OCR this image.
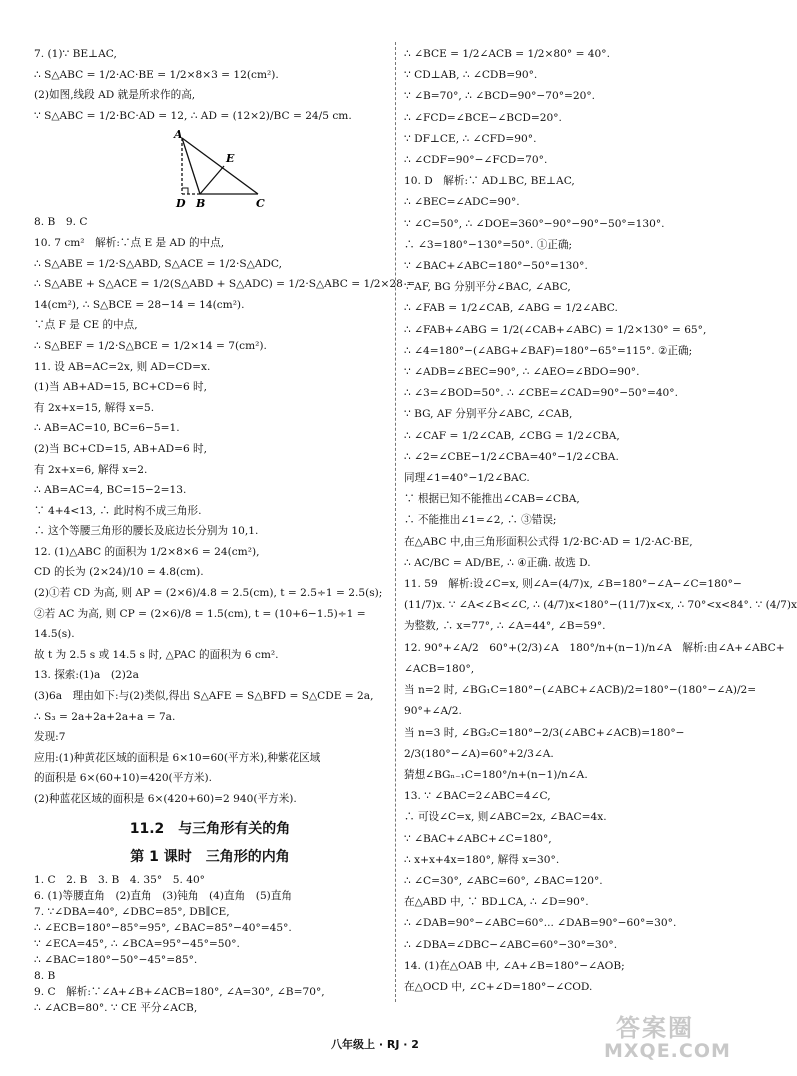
7. (1)∵ BE⊥AC,
∴ S△ABC = 1/2·AC·BE = 1/2×8×3 = 12(cm²).
(2)如图,线段 AD 就是所求作的高,
∵ S△ABC = 1/2·BC·AD = 12, ∴ AD = (12×2)/BC = 24/5 cm.
A
B	C
D
E
8. B　9. C
10. 7 cm²　解析:∵点 E 是 AD 的中点,
∴ S△ABE = 1/2·S△ABD, S△ACE = 1/2·S△ADC,
∴ S△ABE + S△ACE = 1/2(S△ABD + S△ADC) = 1/2·S△ABC = 1/2×28 =
14(cm²), ∴ S△BCE = 28−14 = 14(cm²).
∵点 F 是 CE 的中点,
∴ S△BEF = 1/2·S△BCE = 1/2×14 = 7(cm²).
11. 设 AB=AC=2x, 则 AD=CD=x.
(1)当 AB+AD=15, BC+CD=6 时,
有 2x+x=15, 解得 x=5.
∴ AB=AC=10, BC=6−5=1.
(2)当 BC+CD=15, AB+AD=6 时,
有 2x+x=6, 解得 x=2.
∴ AB=AC=4, BC=15−2=13.
∵ 4+4<13, ∴ 此时构不成三角形.
∴ 这个等腰三角形的腰长及底边长分别为 10,1.
12. (1)△ABC 的面积为 1/2×8×6 = 24(cm²),
CD 的长为 (2×24)/10 = 4.8(cm).
(2)①若 CD 为高, 则 AP = (2×6)/4.8 = 2.5(cm), t = 2.5÷1 = 2.5(s);
②若 AC 为高, 则 CP = (2×6)/8 = 1.5(cm), t = (10+6−1.5)÷1 =
14.5(s).
故 t 为 2.5 s 或 14.5 s 时, △PAC 的面积为 6 cm².
13. 探索:(1)a　(2)2a
(3)6a　理由如下:与(2)类似,得出 S△AFE = S△BFD = S△CDE = 2a,
∴ S₃ = 2a+2a+2a+a = 7a.
发现:7
应用:(1)种黄花区域的面积是 6×10=60(平方米),种紫花区域
的面积是 6×(60+10)=420(平方米).
(2)种蓝花区域的面积是 6×(420+60)=2 940(平方米).
11.2　与三角形有关的角
第 1 课时　三角形的内角
1. C　2. B　3. B　4. 35°　5. 40°
6. (1)等腰直角　(2)直角　(3)钝角　(4)直角　(5)直角
7. ∵∠DBA=40°, ∠DBC=85°, DB∥CE,
∴ ∠ECB=180°−85°=95°, ∠BAC=85°−40°=45°.
∵ ∠ECA=45°, ∴ ∠BCA=95°−45°=50°.
∴ ∠BAC=180°−50°−45°=85°.
8. B
9. C　解析:∵∠A+∠B+∠ACB=180°, ∠A=30°, ∠B=70°,
∴ ∠ACB=80°. ∵ CE 平分∠ACB,
∴ ∠BCE = 1/2∠ACB = 1/2×80° = 40°.
∵ CD⊥AB, ∴ ∠CDB=90°.
∵ ∠B=70°, ∴ ∠BCD=90°−70°=20°.
∴ ∠FCD=∠BCE−∠BCD=20°.
∵ DF⊥CE, ∴ ∠CFD=90°.
∴ ∠CDF=90°−∠FCD=70°.
10. D　解析:∵ AD⊥BC, BE⊥AC,
∴ ∠BEC=∠ADC=90°.
∵ ∠C=50°, ∴ ∠DOE=360°−90°−90°−50°=130°.
∴ ∠3=180°−130°=50°. ①正确;
∵ ∠BAC+∠ABC=180°−50°=130°.
∵ AF, BG 分别平分∠BAC, ∠ABC,
∴ ∠FAB = 1/2∠CAB, ∠ABG = 1/2∠ABC.
∴ ∠FAB+∠ABG = 1/2(∠CAB+∠ABC) = 1/2×130° = 65°,
∴ ∠4=180°−(∠ABG+∠BAF)=180°−65°=115°. ②正确;
∵ ∠ADB=∠BEC=90°, ∴ ∠AEO=∠BDO=90°.
∴ ∠3=∠BOD=50°. ∴ ∠CBE=∠CAD=90°−50°=40°.
∵ BG, AF 分别平分∠ABC, ∠CAB,
∴ ∠CAF = 1/2∠CAB, ∠CBG = 1/2∠CBA,
∴ ∠2=∠CBE−1/2∠CBA=40°−1/2∠CBA.
同理∠1=40°−1/2∠BAC.
∵ 根据已知不能推出∠CAB=∠CBA,
∴ 不能推出∠1=∠2, ∴ ③错误;
在△ABC 中,由三角形面积公式得 1/2·BC·AD = 1/2·AC·BE,
∴ AC/BC = AD/BE, ∴ ④正确. 故选 D.
11. 59　解析:设∠C=x, 则∠A=(4/7)x, ∠B=180°−∠A−∠C=180°−
(11/7)x. ∵ ∠A<∠B<∠C, ∴ (4/7)x<180°−(11/7)x<x, ∴ 70°<x<84°. ∵ (4/7)x
为整数, ∴ x=77°, ∴ ∠A=44°, ∠B=59°.
12. 90°+∠A/2　60°+(2/3)∠A　180°/n+(n−1)/n∠A　解析:由∠A+∠ABC+
∠ACB=180°,
当 n=2 时, ∠BG₁C=180°−(∠ABC+∠ACB)/2=180°−(180°−∠A)/2=
90°+∠A/2.
当 n=3 时, ∠BG₂C=180°−2/3(∠ABC+∠ACB)=180°−
2/3(180°−∠A)=60°+2/3∠A.
猜想∠BGₙ₋₁C=180°/n+(n−1)/n∠A.
13. ∵ ∠BAC=2∠ABC=4∠C,
∴ 可设∠C=x, 则∠ABC=2x, ∠BAC=4x.
∵ ∠BAC+∠ABC+∠C=180°,
∴ x+x+4x=180°, 解得 x=30°.
∴ ∠C=30°, ∠ABC=60°, ∠BAC=120°.
在△ABD 中, ∵ BD⊥CA, ∴ ∠D=90°.
∴ ∠DAB=90°−∠ABC=60°... ∠DAB=90°−60°=30°.
∴ ∠DBA=∠DBC−∠ABC=60°−30°=30°.
14. (1)在△OAB 中, ∠A+∠B=180°−∠AOB;
在△OCD 中, ∠C+∠D=180°−∠COD.
八年级上 · RJ · 2
答案圈
MXQE.COM
